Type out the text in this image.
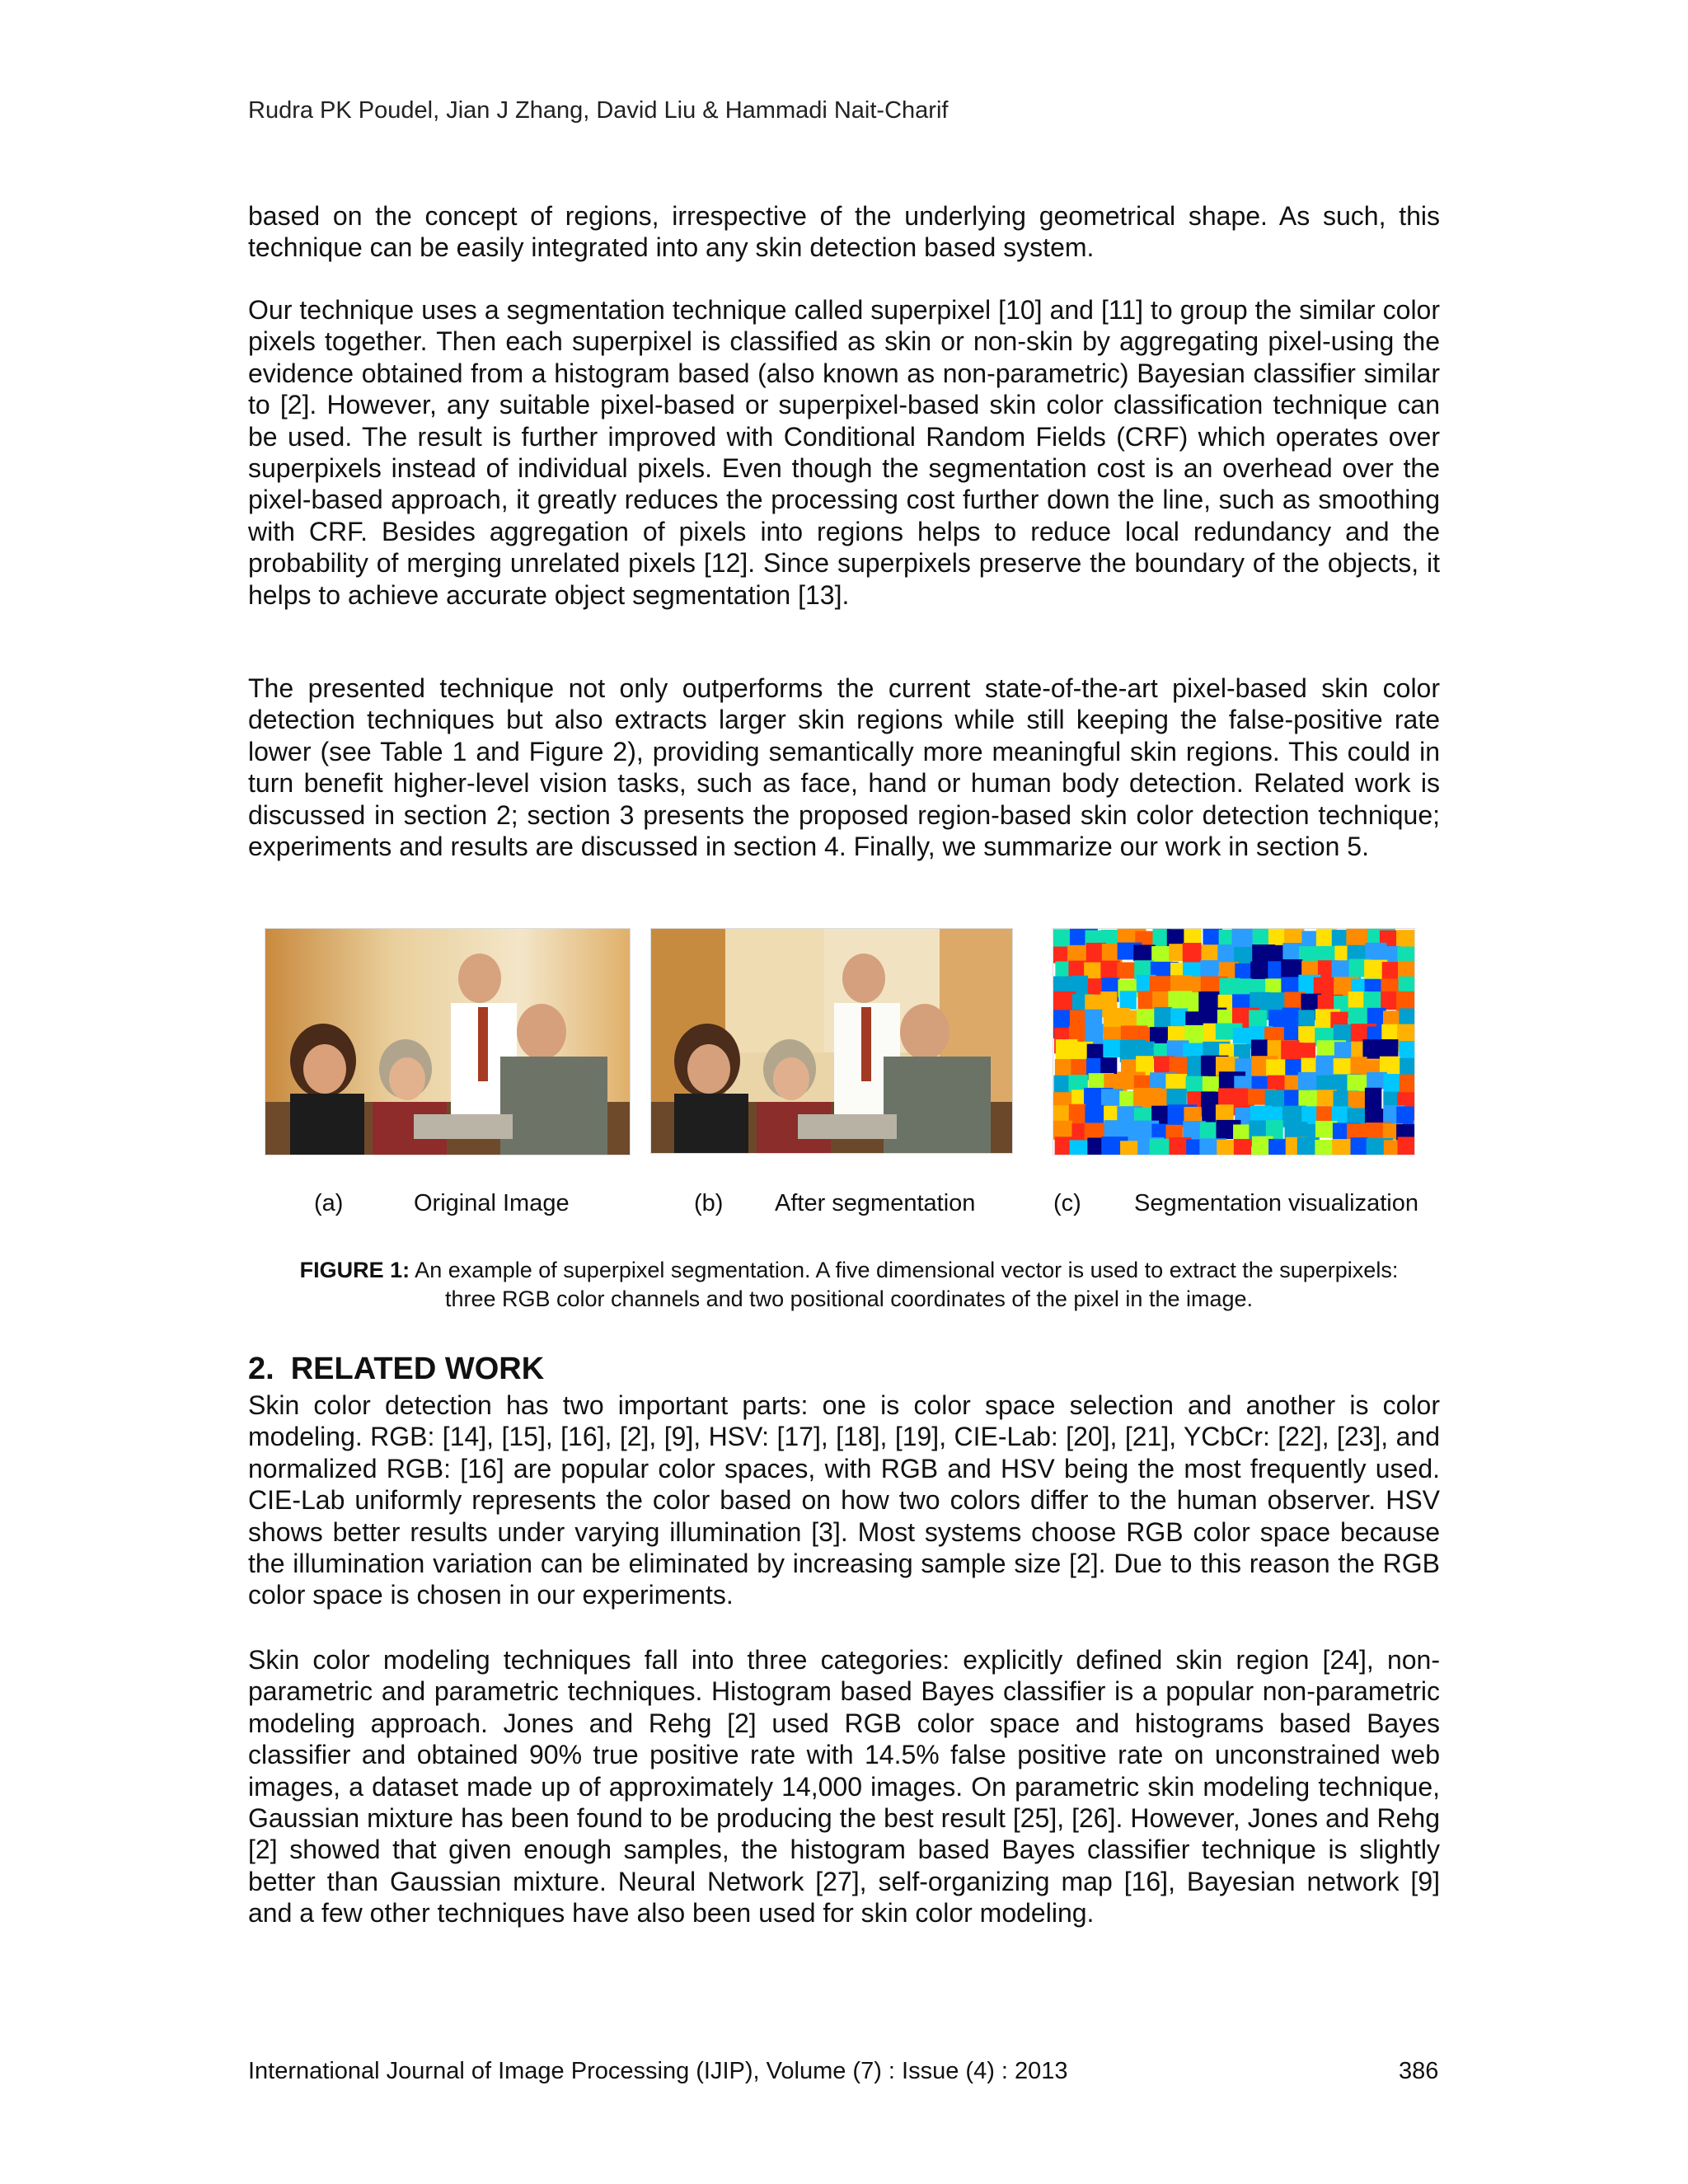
Rudra PK Poudel, Jian J Zhang, David Liu & Hammadi Nait-Charif

based on the concept of regions, irrespective of the underlying geometrical shape. As such, this technique can be easily integrated into any skin detection based system.

Our technique uses a segmentation technique called superpixel [10] and [11] to group the similar color pixels together. Then each superpixel is classified as skin or non-skin by aggregating pixel-using the evidence obtained from a histogram based (also known as non-parametric) Bayesian classifier similar to [2]. However, any suitable pixel-based or superpixel-based skin color classification technique can be used. The result is further improved with Conditional Random Fields (CRF) which operates over superpixels instead of individual pixels. Even though the segmentation cost is an overhead over the pixel-based approach, it greatly reduces the processing cost further down the line, such as smoothing with CRF. Besides aggregation of pixels into regions helps to reduce local redundancy and the probability of merging unrelated pixels [12]. Since superpixels preserve the boundary of the objects, it helps to achieve accurate object segmentation [13].

The presented technique not only outperforms the current state-of-the-art pixel-based skin color detection techniques but also extracts larger skin regions while still keeping the false-positive rate lower (see Table 1 and Figure 2), providing semantically more meaningful skin regions. This could in turn benefit higher-level vision tasks, such as face, hand or human body detection. Related work is discussed in section 2; section 3 presents the proposed region-based skin color detection technique; experiments and results are discussed in section 4. Finally, we summarize our work in section 5.

(a)	Original Image	(b) After segmentation	(c) Segmentation visualization
FIGURE 1: An example of superpixel segmentation. A five dimensional vector is used to extract the superpixels: three RGB color channels and two positional coordinates of the pixel in the image.
2. RELATED WORK

Skin color detection has two important parts: one is color space selection and another is color modeling. RGB: [14], [15], [16], [2], [9], HSV: [17], [18], [19], CIE-Lab: [20], [21], YCbCr: [22], [23], and normalized RGB: [16] are popular color spaces, with RGB and HSV being the most frequently used. CIE-Lab uniformly represents the color based on how two colors differ to the human observer. HSV shows better results under varying illumination [3]. Most systems choose RGB color space because the illumination variation can be eliminated by increasing sample size [2]. Due to this reason the RGB color space is chosen in our experiments.

Skin color modeling techniques fall into three categories: explicitly defined skin region [24], non-parametric and parametric techniques. Histogram based Bayes classifier is a popular non-parametric modeling approach. Jones and Rehg [2] used RGB color space and histograms based Bayes classifier and obtained 90% true positive rate with 14.5% false positive rate on unconstrained web images, a dataset made up of approximately 14,000 images. On parametric skin modeling technique, Gaussian mixture has been found to be producing the best result [25], [26]. However, Jones and Rehg [2] showed that given enough samples, the histogram based Bayes classifier technique is slightly better than Gaussian mixture. Neural Network [27], self-organizing map [16], Bayesian network [9] and a few other techniques have also been used for skin color modeling.

International Journal of Image Processing (IJIP), Volume (7) : Issue (4) : 2013	386
